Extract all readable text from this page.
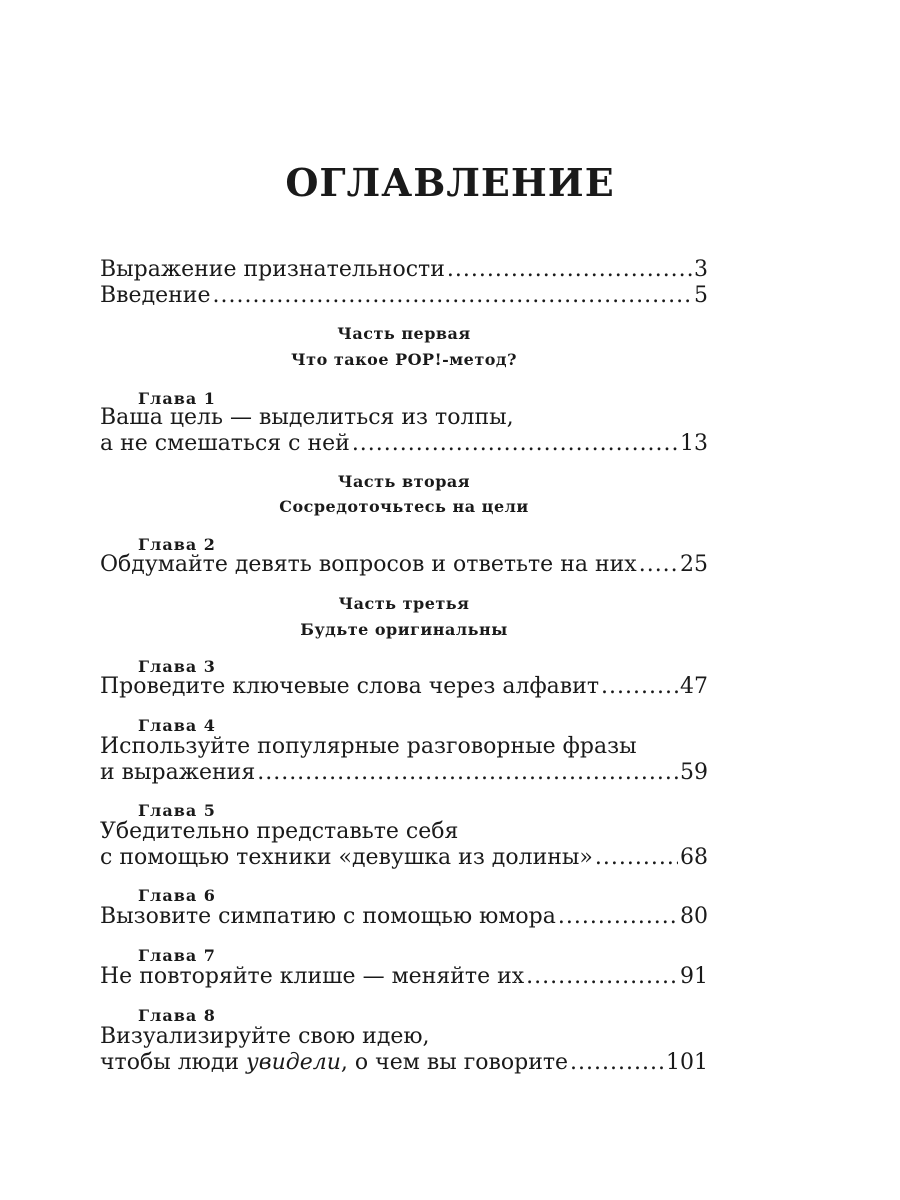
ОГЛАВЛЕНИЕ
Выражение признательности .....	3
Введение .....	5
Часть первая
Что такое POP!-метод?
Глава 1
Ваша цель — выделиться из толпы,
а не смешаться с ней .....	13
Часть вторая
Сосредоточьтесь на цели
Глава 2
Обдумайте девять вопросов и ответьте на них ..... 25
Часть третья
Будьте оригинальны
Глава 3
Проведите ключевые слова через алфавит .....	47
Глава 4
Используйте популярные разговорные фразы
и выражения .....	59
Глава 5
Убедительно представьте себя
с помощью техники «девушка из долины» .....	68
Глава 6
Вызовите симпатию с помощью юмора .....	80
Глава 7
Не повторяйте клише — меняйте их .....	91
Глава 8
Визуализируйте свою идею,
чтобы люди увидели, о чем вы говорите .....	101
